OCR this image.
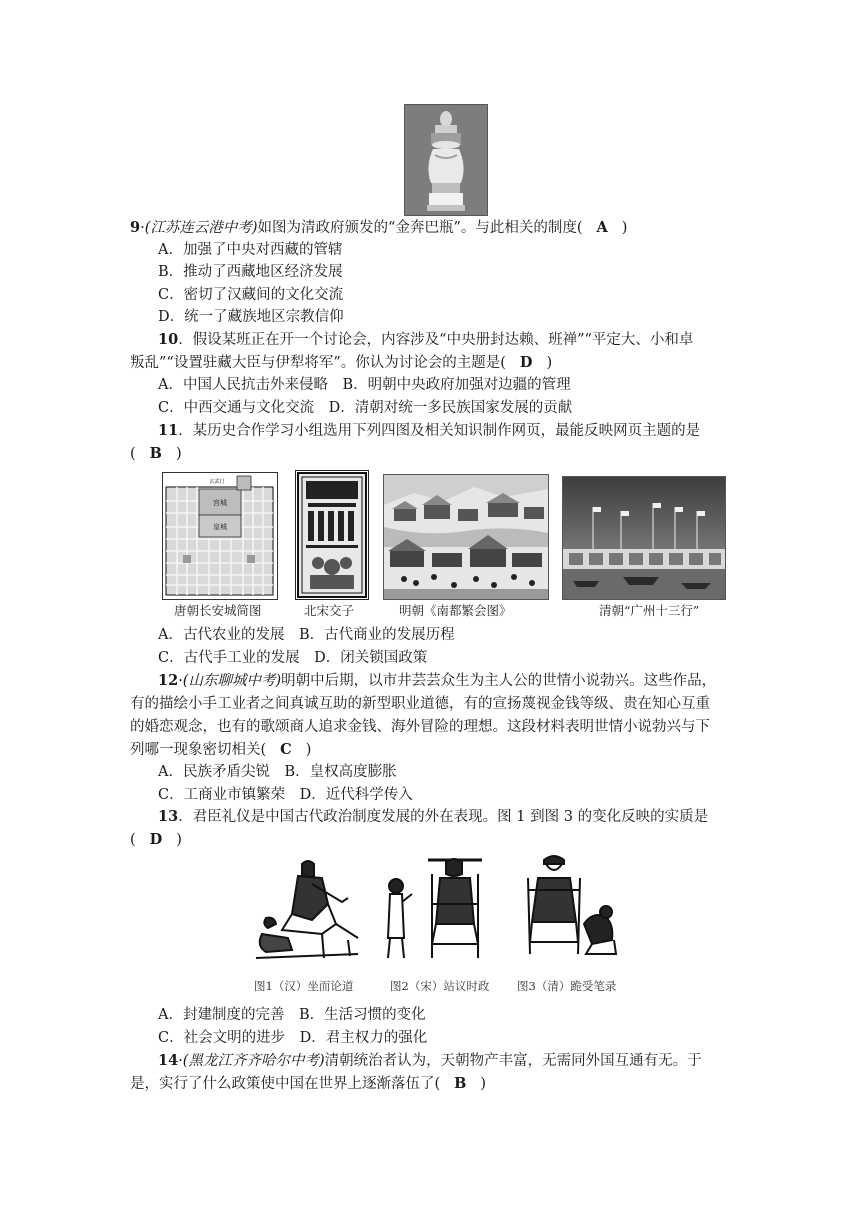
9·(江苏连云港中考)如图为清政府颁发的“金奔巴瓶”。与此相关的制度( A )
A．加强了中央对西藏的管辖
B．推动了西藏地区经济发展
C．密切了汉藏间的文化交流
D．统一了藏族地区宗教信仰
10．假设某班正在开一个讨论会，内容涉及“中央册封达赖、班禅”“平定大、小和卓
叛乱”“设置驻藏大臣与伊犁将军”。你认为讨论会的主题是( D )
A．中国人民抗击外来侵略　B．明朝中央政府加强对边疆的管理
C．中西交通与文化交流　D．清朝对统一多民族国家发展的贡献
11．某历史合作学习小组选用下列四图及相关知识制作网页，最能反映网页主题的是
( B )
宫城
皇城
玄武门
唐朝长安城简图	北宋交子	明朝《南都繁会图》	清朝“广州十三行”
A．古代农业的发展　B．古代商业的发展历程
C．古代手工业的发展　D．闭关锁国政策
12·(山东聊城中考)明朝中后期，以市井芸芸众生为主人公的世情小说勃兴。这些作品，
有的描绘小手工业者之间真诚互助的新型职业道德，有的宣扬蔑视金钱等级、贵在知心互重
的婚恋观念，也有的歌颂商人追求金钱、海外冒险的理想。这段材料表明世情小说勃兴与下
列哪一现象密切相关( C )
A．民族矛盾尖锐　B．皇权高度膨胀
C．工商业市镇繁荣　D．近代科学传入
13．君臣礼仪是中国古代政治制度发展的外在表现。图 1 到图 3 的变化反映的实质是
( D )
图1（汉）坐而论道	图2（宋）站议时政 图3（清）跪受笔录
A．封建制度的完善　B．生活习惯的变化
C．社会文明的进步　D．君主权力的强化
14·(黑龙江齐齐哈尔中考)清朝统治者认为，天朝物产丰富，无需同外国互通有无。于
是，实行了什么政策使中国在世界上逐渐落伍了( B )
